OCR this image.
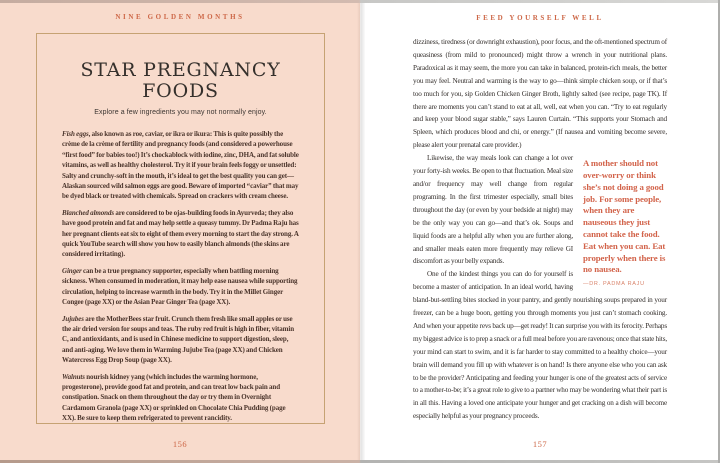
NINE GOLDEN MONTHS
STAR PREGNANCY
FOODS
Explore a few ingredients you may not normally enjoy.

Fish eggs, also known as roe, caviar, or ikra or ikura: This is quite possibly the crème de la crème of fertility and pregnancy foods (and considered a powerhouse “first food” for babies too!) It’s chockablock with iodine, zinc, DHA, and fat soluble vitamins, as well as healthy cholesterol. Try it if your brain feels foggy or unsettled: Salty and crunchy-soft in the mouth, it’s ideal to get the best quality you can get—Alaskan sourced wild salmon eggs are good. Beware of imported “caviar” that may be dyed black or treated with chemicals. Spread on crackers with cream cheese.

Blanched almonds are considered to be ojas-building foods in Ayurveda; they also have good protein and fat and may help settle a queasy tummy. Dr Padma Raju has her pregnant clients eat six to eight of them every morning to start the day strong. A quick YouTube search will show you how to easily blanch almonds (the skins are considered irritating).

Ginger can be a true pregnancy supporter, especially when battling morning sickness. When consumed in moderation, it may help ease nausea while supporting circulation, helping to increase warmth in the body. Try it in the Millet Ginger Congee (page XX) or the Asian Pear Ginger Tea (page XX).

Jujubes are the MotherBees star fruit. Crunch them fresh like small apples or use the air dried version for soups and teas. The ruby red fruit is high in fiber, vitamin C, and antioxidants, and is used in Chinese medicine to support digestion, sleep, and anti-aging. We love them in Warming Jujube Tea (page XX) and Chicken Watercress Egg Drop Soup (page XX).

Walnuts nourish kidney yang (which includes the warming hormone, progesterone), provide good fat and protein, and can treat low back pain and constipation. Snack on them throughout the day or try them in Overnight Cardamom Granola (page XX) or sprinkled on Chocolate Chia Pudding (page XX). Be sure to keep them refrigerated to prevent rancidity.

156
FEED YOURSELF WELL

dizziness, tiredness (or downright exhaustion), poor focus, and the oft-mentioned spectrum of queasiness (from mild to pronounced) might throw a wrench in your nutritional plans. Paradoxical as it may seem, the more you can take in balanced, protein-rich meals, the better you may feel. Neutral and warming is the way to go—think simple chicken soup, or if that’s too much for you, sip Golden Chicken Ginger Broth, lightly salted (see recipe, page TK). If there are moments you can’t stand to eat at all, well, eat when you can. “Try to eat regularly and keep your blood sugar stable,” says Lauren Curtain. “This supports your Stomach and Spleen, which produces blood and chi, or energy.” (If nausea and vomiting become severe, please alert your prenatal care provider.)

A mother should not over-worry or think she’s not doing a good job. For some people, when they are nauseous they just cannot take the food. Eat when you can. Eat properly when there is no nausea.
—DR. PADMA RAJU

Likewise, the way meals look can change a lot over your forty-ish weeks. Be open to that fluctuation. Meal size and/or frequency may well change from regular programing. In the first trimester especially, small bites throughout the day (or even by your bedside at night) may be the only way you can go—and that’s ok. Soups and liquid foods are a helpful ally when you are further along, and smaller meals eaten more frequently may relieve GI discomfort as your belly expands.

One of the kindest things you can do for yourself is become a master of anticipation. In an ideal world, having bland-but-settling bites stocked in your pantry, and gently nourishing soups prepared in your freezer, can be a huge boon, getting you through moments you just can’t stomach cooking. And when your appetite revs back up—get ready! It can surprise you with its ferocity. Perhaps my biggest advice is to prep a snack or a full meal before you are ravenous; once that state hits, your mind can start to swim, and it is far harder to stay committed to a healthy choice—your brain will demand you fill up with whatever is on hand! Is there anyone else who you can ask to be the provider? Anticipating and feeding your hunger is one of the greatest acts of service to a mother-to-be; it’s a great role to give to a partner who may be wondering what their part is in all this. Having a loved one anticipate your hunger and get cracking on a dish will become especially helpful as your pregnancy proceeds.

157
